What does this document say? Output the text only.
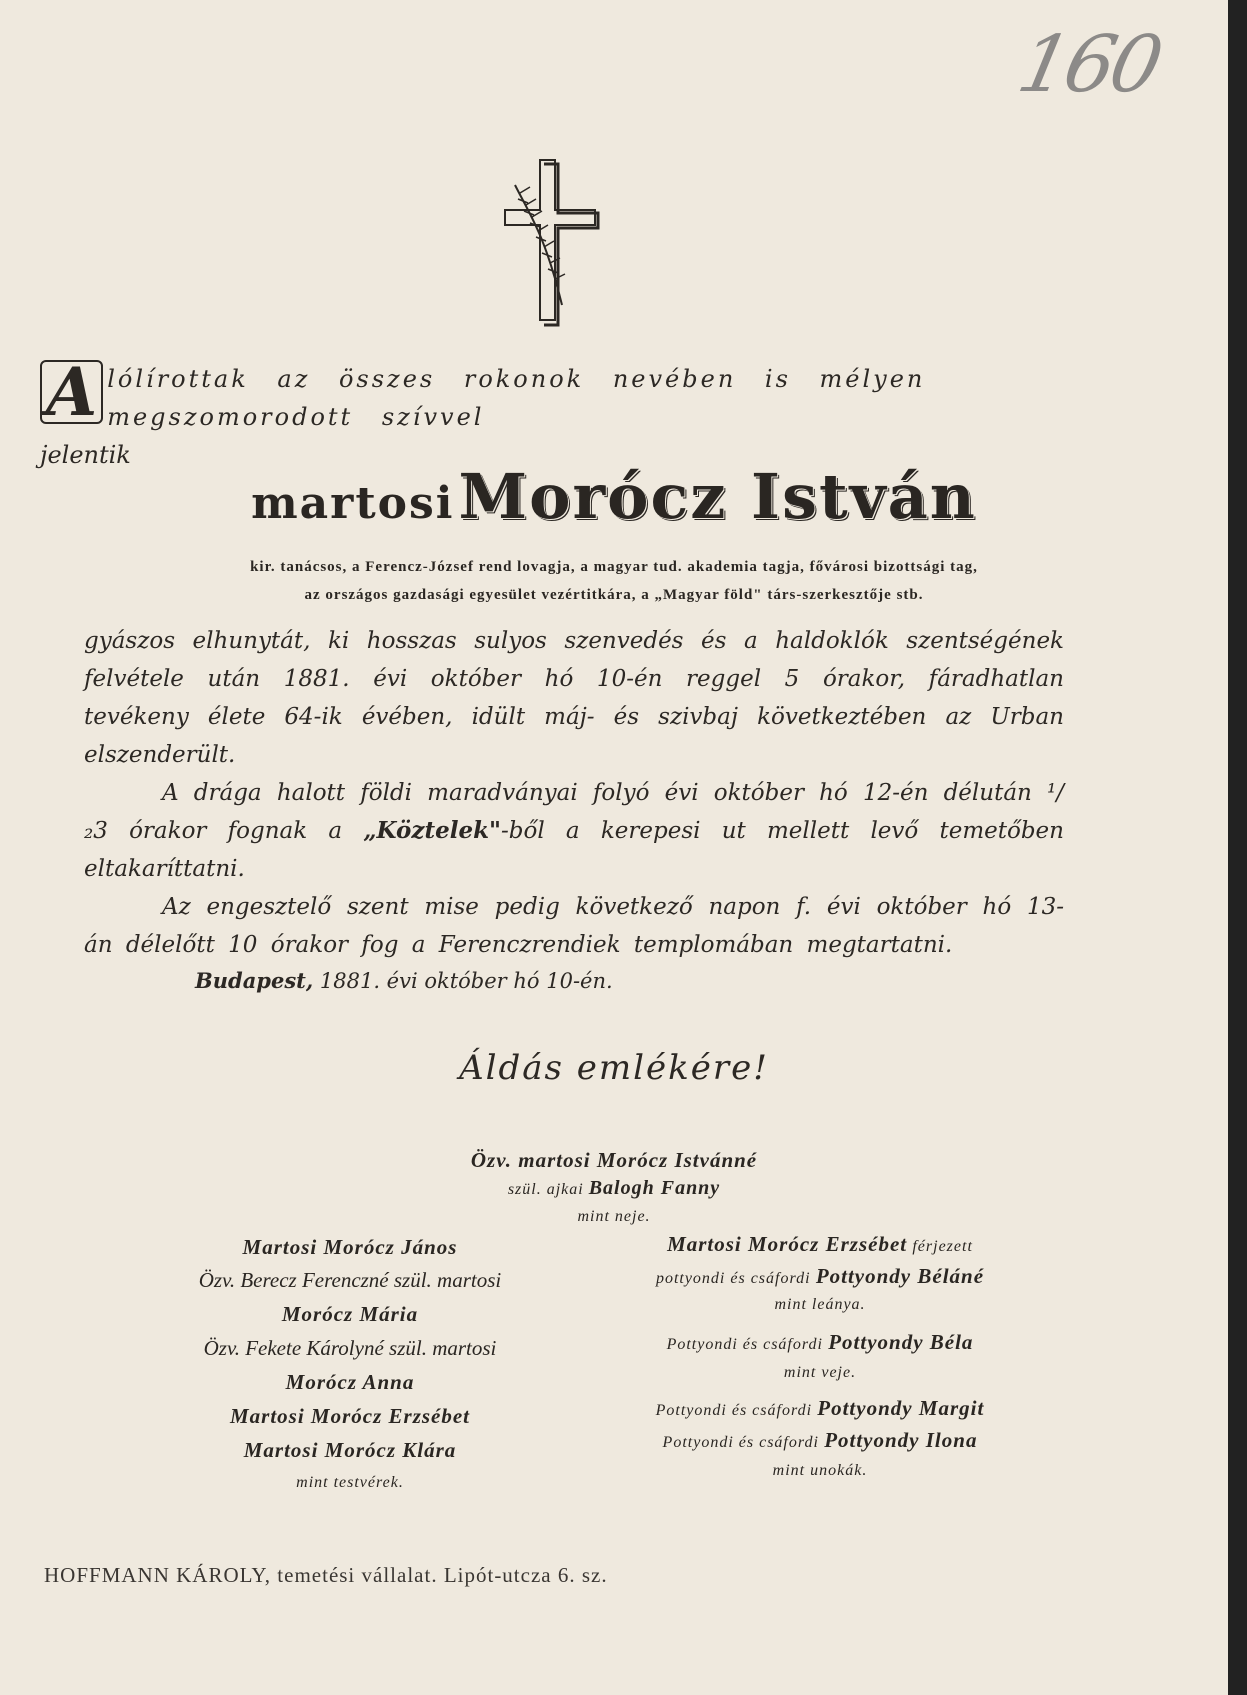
160
A lólírottak az összes rokonok nevében is mélyen megszomorodott szívvel
jelentik
martosi Morócz István
kir. tanácsos, a Ferencz-József rend lovagja, a magyar tud. akademia tagja, fővárosi bizottsági tag,
az országos gazdasági egyesület vezértitkára, a „Magyar föld" társ-szerkesztője stb.

gyászos elhunytát, ki hosszas sulyos szenvedés és a haldoklók szentségének felvétele után 1881. évi október hó 10-én reggel 5 órakor, fáradhatlan tevékeny élete 64-ik évében, idült máj- és szivbaj következtében az Urban elszenderült.

A drága halott földi maradványai folyó évi október hó 12-én délután ¹/₂3 órakor fognak a „Köztelek"-ből a kerepesi ut mellett levő temetőben eltakaríttatni.

Az engesztelő szent mise pedig következő napon f. évi október hó 13-án délelőtt 10 órakor fog a Ferenczrendiek templomában megtartatni.

Budapest, 1881. évi október hó 10-én.
Áldás emlékére!
Özv. martosi Morócz Istvánné
szül. ajkai Balogh Fanny
mint neje.
Martosi Morócz János
Özv. Berecz Ferenczné szül. martosi
Morócz Mária
Özv. Fekete Károlyné szül. martosi
Morócz Anna
Martosi Morócz Erzsébet
Martosi Morócz Klára
mint testvérek.
Martosi Morócz Erzsébet férjezett
pottyondi és csáfordi Pottyondy Béláné
mint leánya.
Pottyondi és csáfordi Pottyondy Béla
mint veje.
Pottyondi és csáfordi Pottyondy Margit
Pottyondi és csáfordi Pottyondy Ilona
mint unokák.
HOFFMANN KÁROLY, temetési vállalat. Lipót-utcza 6. sz.
